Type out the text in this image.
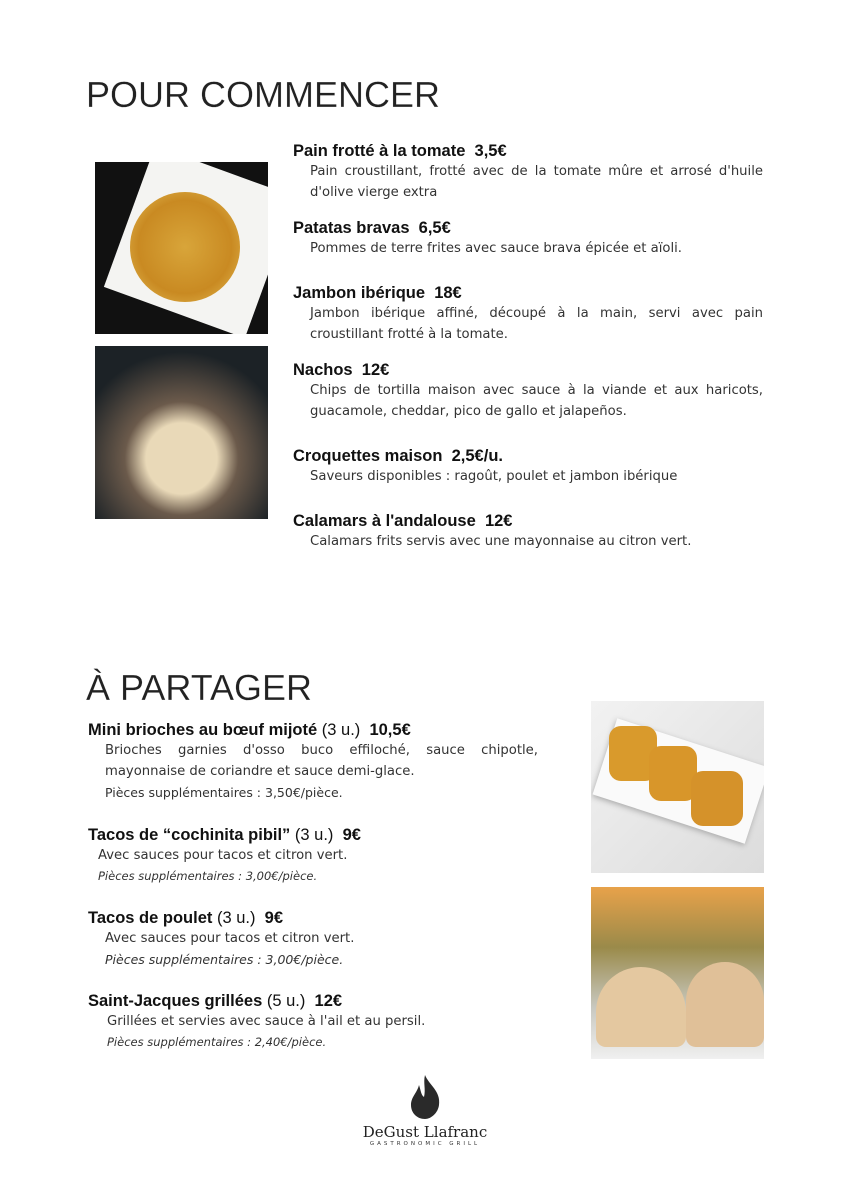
POUR COMMENCER
Pain frotté à la tomate 3,5€
Pain croustillant, frotté avec de la tomate mûre et arrosé d'huile d'olive vierge extra
Patatas bravas 6,5€
Pommes de terre frites avec sauce brava épicée et aïoli.
Jambon ibérique 18€
Jambon ibérique affiné, découpé à la main, servi avec pain croustillant frotté à la tomate.
Nachos 12€
Chips de tortilla maison avec sauce à la viande et aux haricots, guacamole, cheddar, pico de gallo et jalapeños.
Croquettes maison 2,5€/u.
Saveurs disponibles : ragoût, poulet et jambon ibérique
Calamars à l'andalouse 12€
Calamars frits servis avec une mayonnaise au citron vert.
À PARTAGER
Mini brioches au bœuf mijoté (3 u.) 10,5€
Brioches garnies d'osso buco effiloché, sauce chipotle, mayonnaise de coriandre et sauce demi-glace.
Pièces supplémentaires : 3,50€/pièce.
Tacos de “cochinita pibil” (3 u.) 9€
Avec sauces pour tacos et citron vert.
Pièces supplémentaires : 3,00€/pièce.
Tacos de poulet (3 u.) 9€
Avec sauces pour tacos et citron vert.
Pièces supplémentaires : 3,00€/pièce.
Saint-Jacques grillées (5 u.) 12€
Grillées et servies avec sauce à l'ail et au persil.
Pièces supplémentaires : 2,40€/pièce.
DeGust Llafranc
GASTRONOMIC GRILL
